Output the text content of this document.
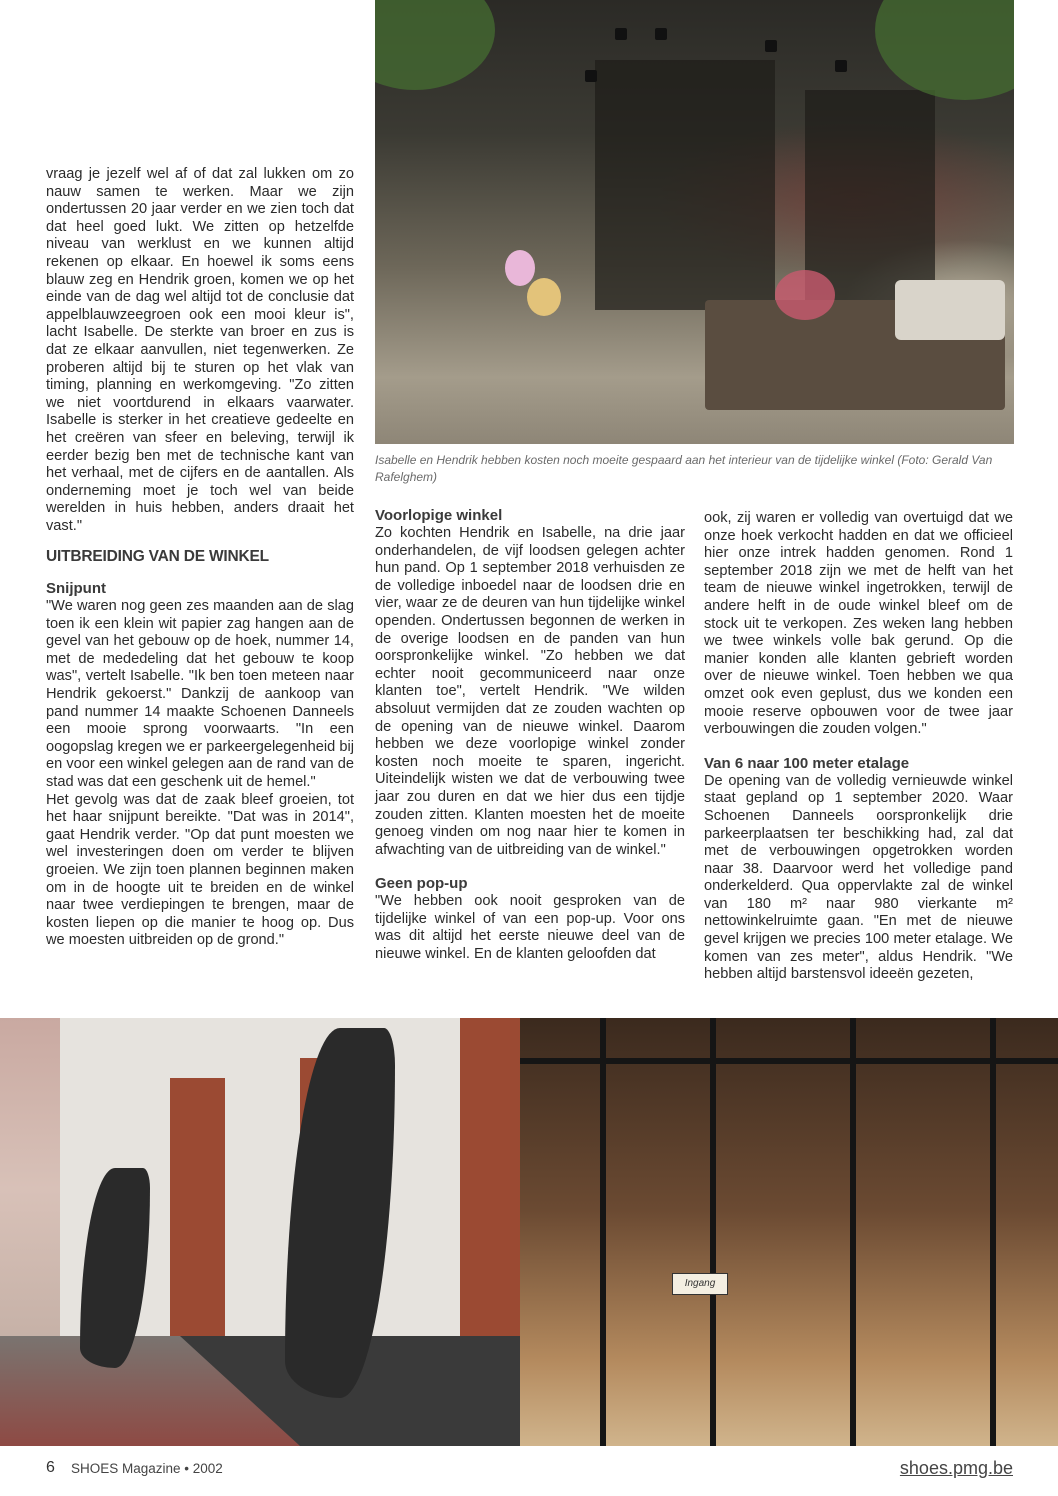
Isabelle en Hendrik hebben kosten noch moeite gespaard aan het interieur van de tijdelijke winkel (Foto: Gerald Van Rafelghem)

vraag je jezelf wel af of dat zal lukken om zo nauw samen te werken. Maar we zijn ondertussen 20 jaar verder en we zien toch dat dat heel goed lukt. We zitten op hetzelfde niveau van werklust en we kunnen altijd rekenen op elkaar. En hoewel ik soms eens blauw zeg en Hendrik groen, komen we op het einde van de dag wel altijd tot de conclusie dat appelblauwzeegroen ook een mooi kleur is", lacht Isabelle. De sterkte van broer en zus is dat ze elkaar aanvullen, niet tegenwerken. Ze proberen altijd bij te sturen op het vlak van timing, planning en werkomgeving. "Zo zitten we niet voortdurend in elkaars vaarwater. Isabelle is sterker in het creatieve gedeelte en het creëren van sfeer en beleving, terwijl ik eerder bezig ben met de technische kant van het verhaal, met de cijfers en de aantallen. Als onderneming moet je toch wel van beide werelden in huis hebben, anders draait het vast."

UITBREIDING VAN DE WINKEL
Snijpunt

"We waren nog geen zes maanden aan de slag toen ik een klein wit papier zag hangen aan de gevel van het gebouw op de hoek, nummer 14, met de mededeling dat het gebouw te koop was", vertelt Isabelle. "Ik ben toen meteen naar Hendrik gekoerst." Dankzij de aankoop van pand nummer 14 maakte Schoenen Danneels een mooie sprong voorwaarts. "In een oogopslag kregen we er parkeergelegenheid bij en voor een winkel gelegen aan de rand van de stad was dat een geschenk uit de hemel."

Het gevolg was dat de zaak bleef groeien, tot het haar snijpunt bereikte. "Dat was in 2014", gaat Hendrik verder. "Op dat punt moesten we wel investeringen doen om verder te blijven groeien. We zijn toen plannen beginnen maken om in de hoogte uit te breiden en de winkel naar twee verdiepingen te brengen, maar de kosten liepen op die manier te hoog op. Dus we moesten uitbreiden op de grond."

Voorlopige winkel

Zo kochten Hendrik en Isabelle, na drie jaar onderhandelen, de vijf loodsen gelegen achter hun pand. Op 1 september 2018 verhuisden ze de volledige inboedel naar de loodsen drie en vier, waar ze de deuren van hun tijdelijke winkel openden. Ondertussen begonnen de werken in de overige loodsen en de panden van hun oorspronkelijke winkel. "Zo hebben we dat echter nooit gecommuniceerd naar onze klanten toe", vertelt Hendrik. "We wilden absoluut vermijden dat ze zouden wachten op de opening van de nieuwe winkel. Daarom hebben we deze voorlopige winkel zonder kosten noch moeite te sparen, ingericht. Uiteindelijk wisten we dat de verbouwing twee jaar zou duren en dat we hier dus een tijdje zouden zitten. Klanten moesten het de moeite genoeg vinden om nog naar hier te komen in afwachting van de uitbreiding van de winkel."

Geen pop-up

"We hebben ook nooit gesproken van de tijdelijke winkel of van een pop-up. Voor ons was dit altijd het eerste nieuwe deel van de nieuwe winkel. En de klanten geloofden dat

ook, zij waren er volledig van overtuigd dat we onze hoek verkocht hadden en dat we officieel hier onze intrek hadden genomen. Rond 1 september 2018 zijn we met de helft van het team de nieuwe winkel ingetrokken, terwijl de andere helft in de oude winkel bleef om de stock uit te verkopen. Zes weken lang hebben we twee winkels volle bak gerund. Op die manier konden alle klanten gebrieft worden over de nieuwe winkel. Toen hebben we qua omzet ook even geplust, dus we konden een mooie reserve opbouwen voor de twee jaar verbouwingen die zouden volgen."

Van 6 naar 100 meter etalage

De opening van de volledig vernieuwde winkel staat gepland op 1 september 2020. Waar Schoenen Danneels oorspronkelijk drie parkeerplaatsen ter beschikking had, zal dat met de verbouwingen opgetrokken worden naar 38. Daarvoor werd het volledige pand onderkelderd. Qua oppervlakte zal de winkel van 180 m² naar 980 vierkante m² nettowinkelruimte gaan. "En met de nieuwe gevel krijgen we precies 100 meter etalage. We komen van zes meter", aldus Hendrik. "We hebben altijd barstensvol ideeën gezeten,

Ingang
6 SHOES Magazine • 2002	shoes.pmg.be
